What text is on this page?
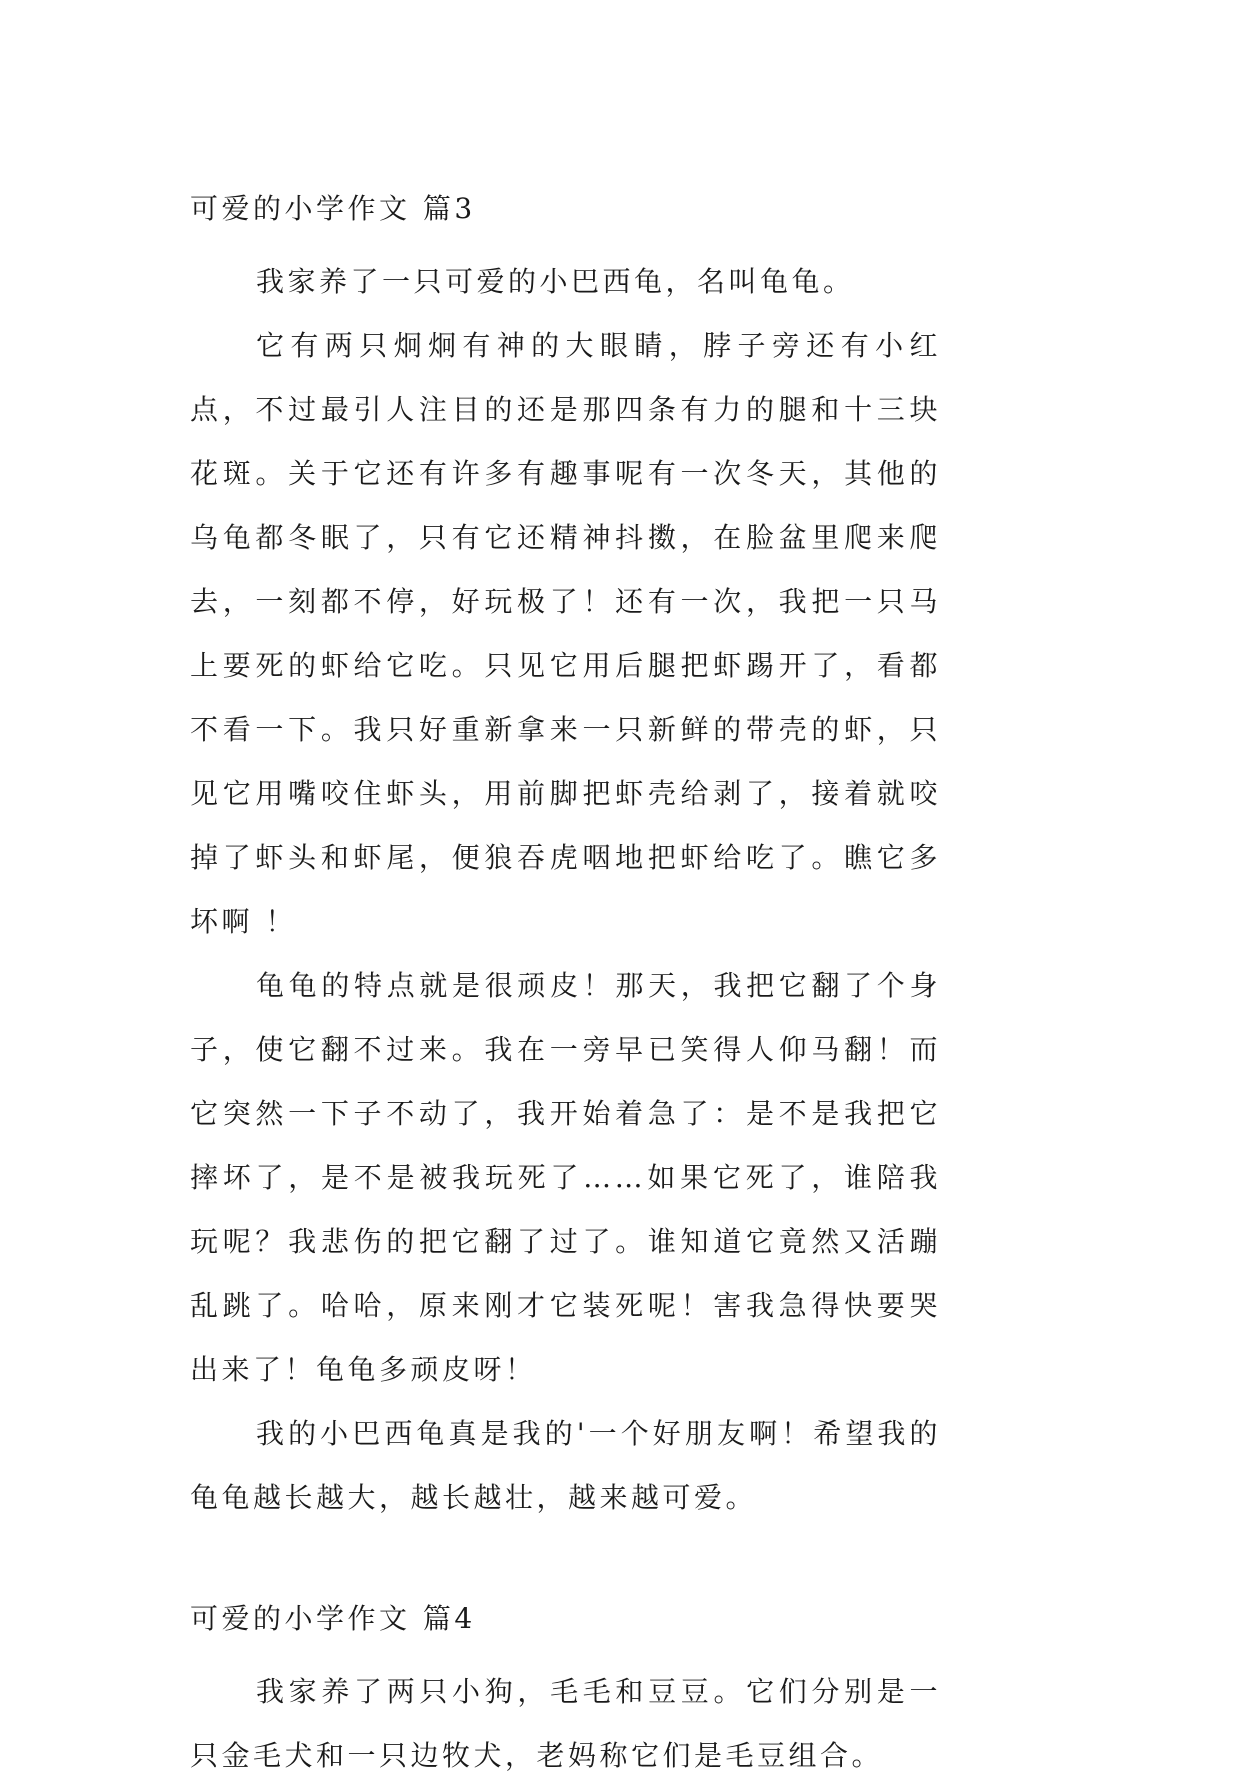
可爱的小学作文 篇3

我家养了一只可爱的小巴西龟，名叫龟龟。

它有两只炯炯有神的大眼睛，脖子旁还有小红点，不过最引人注目的还是那四条有力的腿和十三块花斑。关于它还有许多有趣事呢有一次冬天，其他的乌龟都冬眠了，只有它还精神抖擞，在脸盆里爬来爬去，一刻都不停，好玩极了！还有一次，我把一只马上要死的虾给它吃。只见它用后腿把虾踢开了，看都不看一下。我只好重新拿来一只新鲜的带壳的虾，只见它用嘴咬住虾头，用前脚把虾壳给剥了，接着就咬掉了虾头和虾尾，便狼吞虎咽地把虾给吃了。瞧它多坏啊 ！

龟龟的特点就是很顽皮！那天，我把它翻了个身子，使它翻不过来。我在一旁早已笑得人仰马翻！而它突然一下子不动了，我开始着急了：是不是我把它摔坏了，是不是被我玩死了……如果它死了，谁陪我玩呢？我悲伤的把它翻了过了。谁知道它竟然又活蹦乱跳了。哈哈，原来刚才它装死呢！害我急得快要哭出来了！龟龟多顽皮呀！

我的小巴西龟真是我的'一个好朋友啊！希望我的龟龟越长越大，越长越壮，越来越可爱。

可爱的小学作文 篇4

我家养了两只小狗，毛毛和豆豆。它们分别是一只金毛犬和一只边牧犬，老妈称它们是毛豆组合。
